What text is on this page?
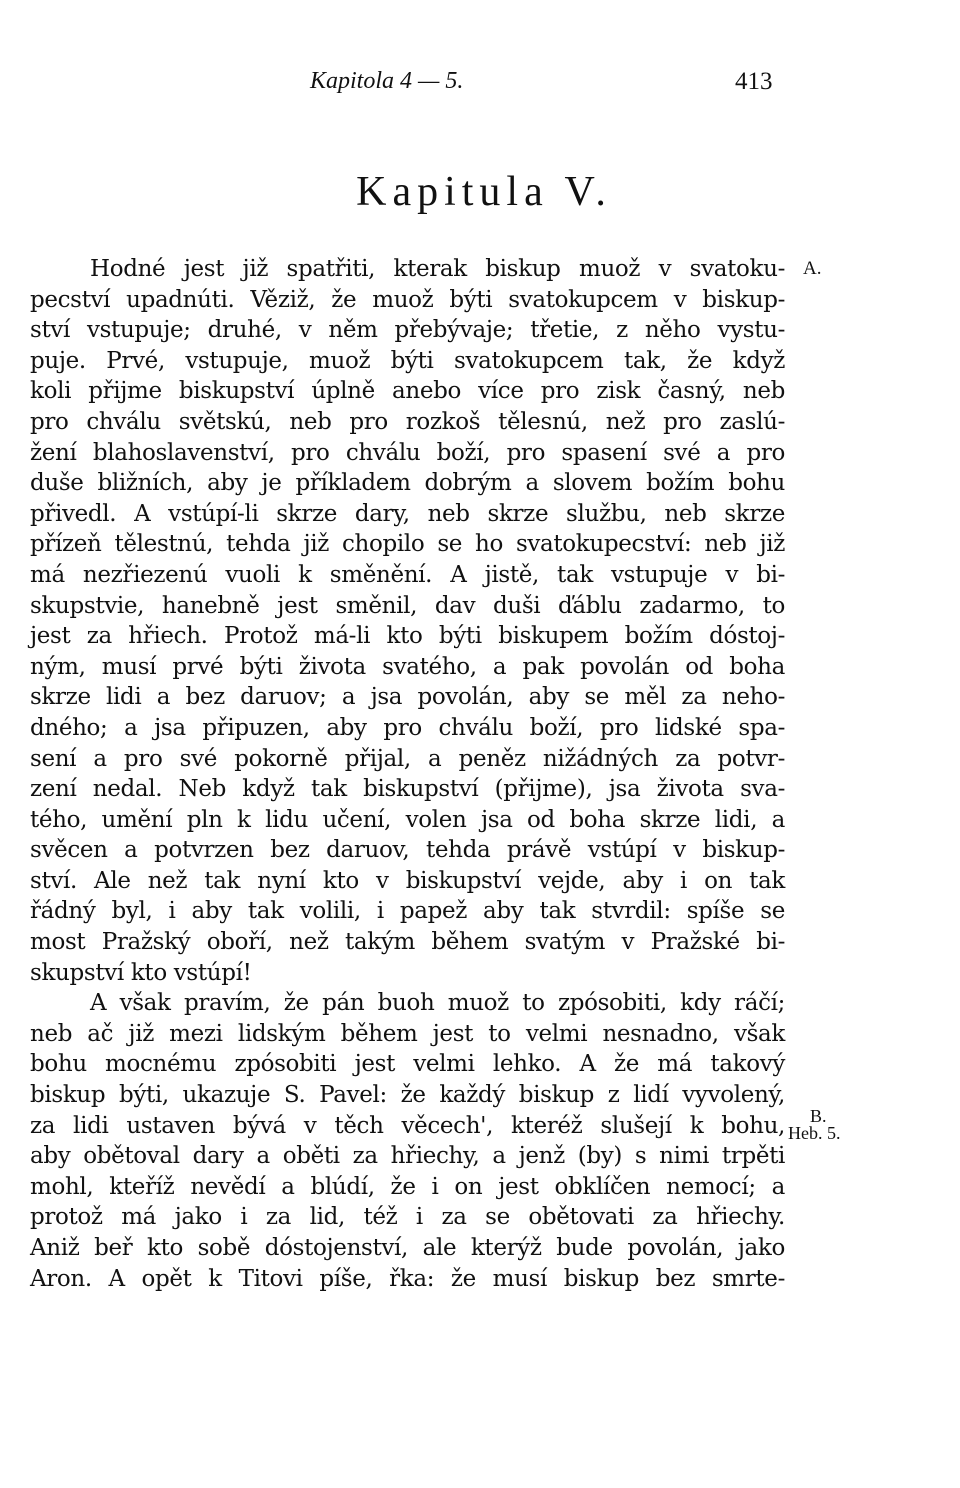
Kapitola 4 — 5.	413
Kapitula V.
Hodné jest již spatřiti, kterak biskup muož v svatoku-
pecství upadnúti. Věziž, že muož býti svatokupcem v biskup-
ství vstupuje; druhé, v něm přebývaje; třetie, z něho vystu-
puje. Prvé, vstupuje, muož býti svatokupcem tak, že když
koli přijme biskupství úplně anebo více pro zisk časný, neb
pro chválu světskú, neb pro rozkoš tělesnú, než pro zaslú-
žení blahoslavenství, pro chválu boží, pro spasení své a pro
duše bližních, aby je příkladem dobrým a slovem božím bohu
přivedl. A vstúpí-li skrze dary, neb skrze službu, neb skrze
přízeň tělestnú, tehda již chopilo se ho svatokupecství: neb již
má nezřiezenú vuoli k směnění. A jistě, tak vstupuje v bi-
skupstvie, hanebně jest směnil, dav duši ďáblu zadarmo, to
jest za hřiech. Protož má-li kto býti biskupem božím dóstoj-
ným, musí prvé býti života svatého, a pak povolán od boha
skrze lidi a bez daruov; a jsa povolán, aby se měl za neho-
dného; a jsa připuzen, aby pro chválu boží, pro lidské spa-
sení a pro své pokorně přijal, a peněz nižádných za potvr-
zení nedal. Neb když tak biskupství (přijme), jsa života sva-
tého, umění pln k lidu učení, volen jsa od boha skrze lidi, a
svěcen a potvrzen bez daruov, tehda právě vstúpí v biskup-
ství. Ale než tak nyní kto v biskupství vejde, aby i on tak
řádný byl, i aby tak volili, i papež aby tak stvrdil: spíše se
most Pražský oboří, než takým během svatým v Pražské bi-
skupství kto vstúpí!
A však pravím, že pán buoh muož to zpósobiti, kdy ráčí;
neb ač již mezi lidským během jest to velmi nesnadno, však
bohu mocnému zpósobiti jest velmi lehko. A že má takový
biskup býti, ukazuje S. Pavel: že každý biskup z lidí vyvolený,
za lidi ustaven bývá v těch věcech', kteréž slušejí k bohu,
aby obětoval dary a oběti za hřiechy, a jenž (by) s nimi trpěti
mohl, kteříž nevědí a blúdí, že i on jest obklíčen nemocí; a
protož má jako i za lid, též i za se obětovati za hřiechy.
Aniž beř kto sobě dóstojenství, ale kterýž bude povolán, jako
Aron. A opět k Titovi píše, řka: že musí biskup bez smrte-
A.
B.
Heb. 5.
